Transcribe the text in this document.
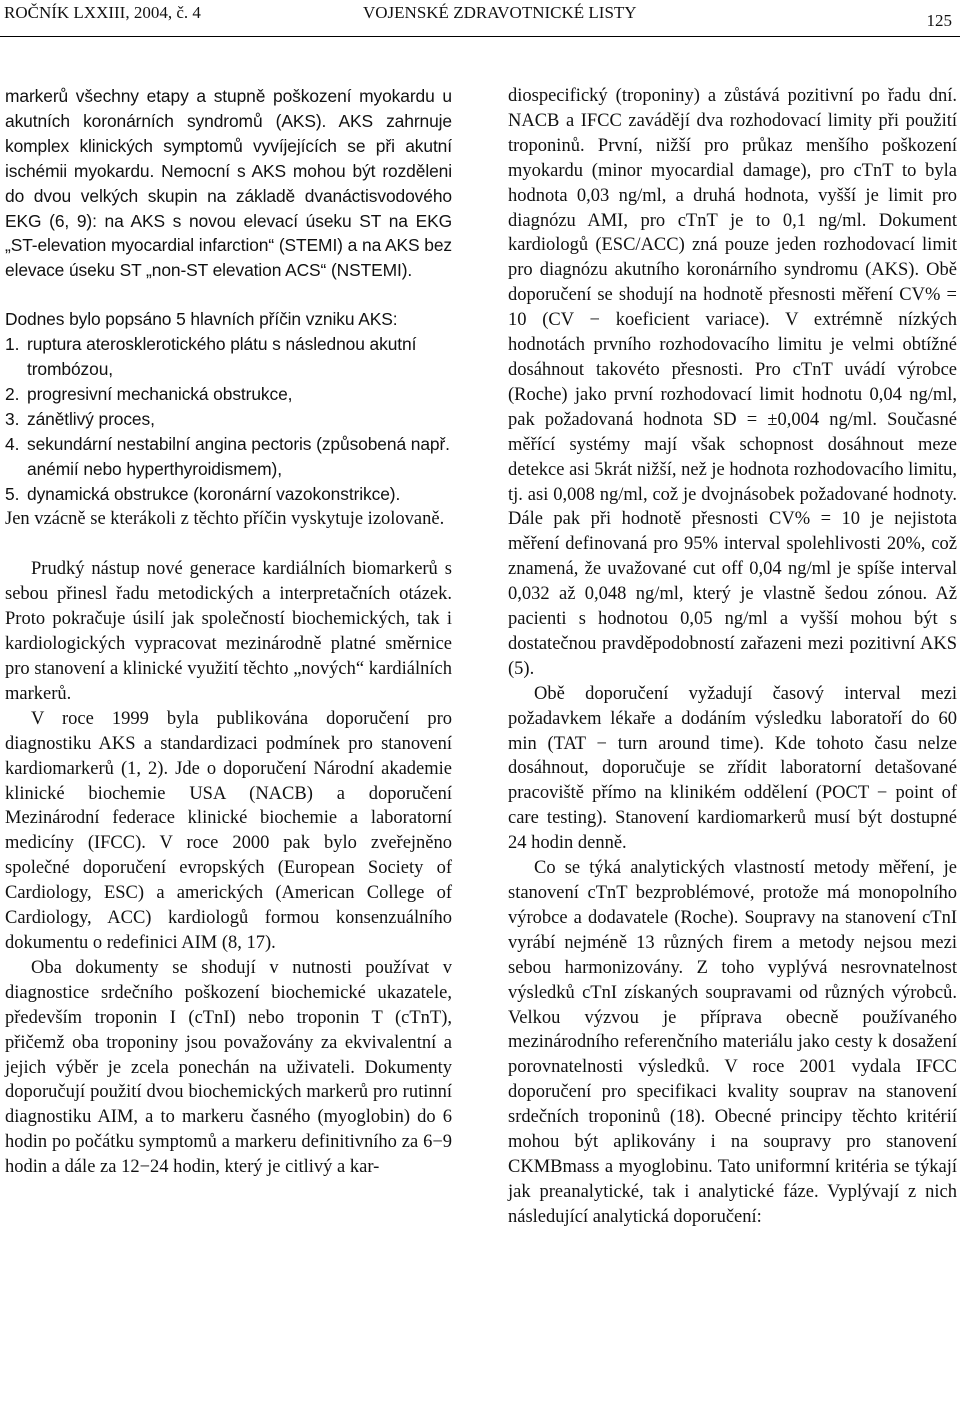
ROČNÍK LXXIII, 2004, č. 4	VOJENSKÉ ZDRAVOTNICKÉ LISTY	125

markerů všechny etapy a stupně poškození myokardu u akutních koronárních syndromů (AKS). AKS zahrnuje komplex klinických symptomů vyvíjejících se při akutní ischémii myokardu. Nemocní s AKS mohou být rozděleni do dvou velkých skupin na základě dvanáctisvodového EKG (6, 9): na AKS s novou elevací úseku ST na EKG „ST-elevation myocardial infarction“ (STEMI) a na AKS bez elevace úseku ST „non-ST elevation ACS“ (NSTEMI).

Dodnes bylo popsáno 5 hlavních příčin vzniku AKS:

1. ruptura aterosklerotického plátu s následnou akutní trombózou,
2. progresivní mechanická obstrukce,
3. zánětlivý proces,
4. sekundární nestabilní angina pectoris (způsobená např. anémií nebo hyperthyroidismem),
5. dynamická obstrukce (koronární vazokonstrikce).

Jen vzácně se kterákoli z těchto příčin vyskytuje izolovaně.

Prudký nástup nové generace kardiálních biomarkerů s sebou přinesl řadu metodických a interpretačních otázek. Proto pokračuje úsilí jak společností biochemických, tak i kardiologických vypracovat mezinárodně platné směrnice pro stanovení a klinické využití těchto „nových“ kardiálních markerů.

V roce 1999 byla publikována doporučení pro diagnostiku AKS a standardizaci podmínek pro stanovení kardiomarkerů (1, 2). Jde o doporučení Národní akademie klinické biochemie USA (NACB) a doporučení Mezinárodní federace klinické biochemie a laboratorní medicíny (IFCC). V roce 2000 pak bylo zveřejněno společné doporučení evropských (European Society of Cardiology, ESC) a amerických (American College of Cardiology, ACC) kardiologů formou konsenzuálního dokumentu o redefinici AIM (8, 17).

Oba dokumenty se shodují v nutnosti používat v diagnostice srdečního poškození biochemické ukazatele, především troponin I (cTnI) nebo troponin T (cTnT), přičemž oba troponiny jsou považovány za ekvivalentní a jejich výběr je zcela ponechán na uživateli. Dokumenty doporučují použití dvou biochemických markerů pro rutinní diagnostiku AIM, a to markeru časného (myoglobin) do 6 hodin po počátku symptomů a markeru definitivního za 6−9 hodin a dále za 12−24 hodin, který je citlivý a kar-

diospecifický (troponiny) a zůstává pozitivní po řadu dní. NACB a IFCC zavádějí dva rozhodovací limity při použití troponinů. První, nižší pro průkaz menšího poškození myokardu (minor myocardial damage), pro cTnT to byla hodnota 0,03 ng/ml, a druhá hodnota, vyšší je limit pro diagnózu AMI, pro cTnT je to 0,1 ng/ml. Dokument kardiologů (ESC/ACC) zná pouze jeden rozhodovací limit pro diagnózu akutního koronárního syndromu (AKS). Obě doporučení se shodují na hodnotě přesnosti měření CV% = 10 (CV − koeficient variace). V extrémně nízkých hodnotách prvního rozhodovacího limitu je velmi obtížné dosáhnout takovéto přesnosti. Pro cTnT uvádí výrobce (Roche) jako první rozhodovací limit hodnotu 0,04 ng/ml, pak požadovaná hodnota SD = ±0,004 ng/ml. Současné měřící systémy mají však schopnost dosáhnout meze detekce asi 5krát nižší, než je hodnota rozhodovacího limitu, tj. asi 0,008 ng/ml, což je dvojnásobek požadované hodnoty. Dále pak při hodnotě přesnosti CV% = 10 je nejistota měření definovaná pro 95% interval spolehlivosti 20%, což znamená, že uvažované cut off 0,04 ng/ml je spíše interval 0,032 až 0,048 ng/ml, který je vlastně šedou zónou. Až pacienti s hodnotou 0,05 ng/ml a vyšší mohou být s dostatečnou pravděpodobností zařazeni mezi pozitivní AKS (5).

Obě doporučení vyžadují časový interval mezi požadavkem lékaře a dodáním výsledku laboratoří do 60 min (TAT − turn around time). Kde tohoto času nelze dosáhnout, doporučuje se zřídit laboratorní detašované pracoviště přímo na klinikém oddělení (POCT − point of care testing). Stanovení kardiomarkerů musí být dostupné 24 hodin denně.

Co se týká analytických vlastností metody měření, je stanovení cTnT bezproblémové, protože má monopolního výrobce a dodavatele (Roche). Soupravy na stanovení cTnI vyrábí nejméně 13 různých firem a metody nejsou mezi sebou harmonizovány. Z toho vyplývá nesrovnatelnost výsledků cTnI získaných soupravami od různých výrobců. Velkou výzvou je příprava obecně používaného mezinárodního referenčního materiálu jako cesty k dosažení porovnatelnosti výsledků. V roce 2001 vydala IFCC doporučení pro specifikaci kvality souprav na stanovení srdečních troponinů (18). Obecné principy těchto kritérií mohou být aplikovány i na soupravy pro stanovení CKMBmass a myoglobinu. Tato uniformní kritéria se týkají jak preanalytické, tak i analytické fáze. Vyplývají z nich následující analytická doporučení:
